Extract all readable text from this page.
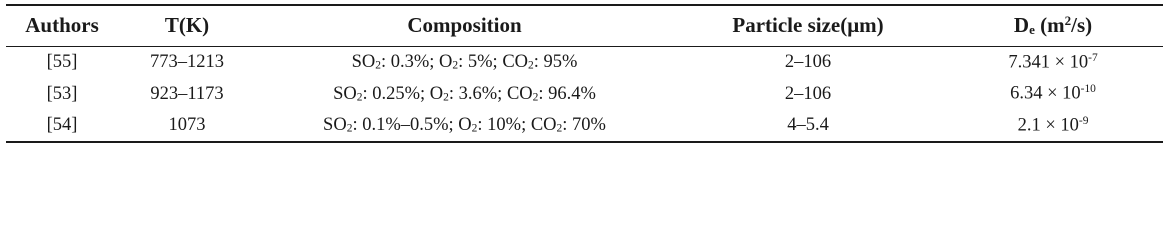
Authors	T(K)	Composition	Particle size(μm)	$D_e$ $(m^2/s)$
[55]	773–1213	$SO_2$: 0.3%; $O_2$: 5%; $CO_2$: 95%	2–106	$7.341 \times 10^{-7}$
[53]	923–1173	$SO_2$: 0.25%; $O_2$: 3.6%; $CO_2$: 96.4%	2–106	$6.34 \times 10^{-10}$
[54]	1073	$SO_2$: 0.1%–0.5%; $O_2$: 10%; $CO_2$: 70%	4–5.4	$2.1 \times 10^{-9}$
